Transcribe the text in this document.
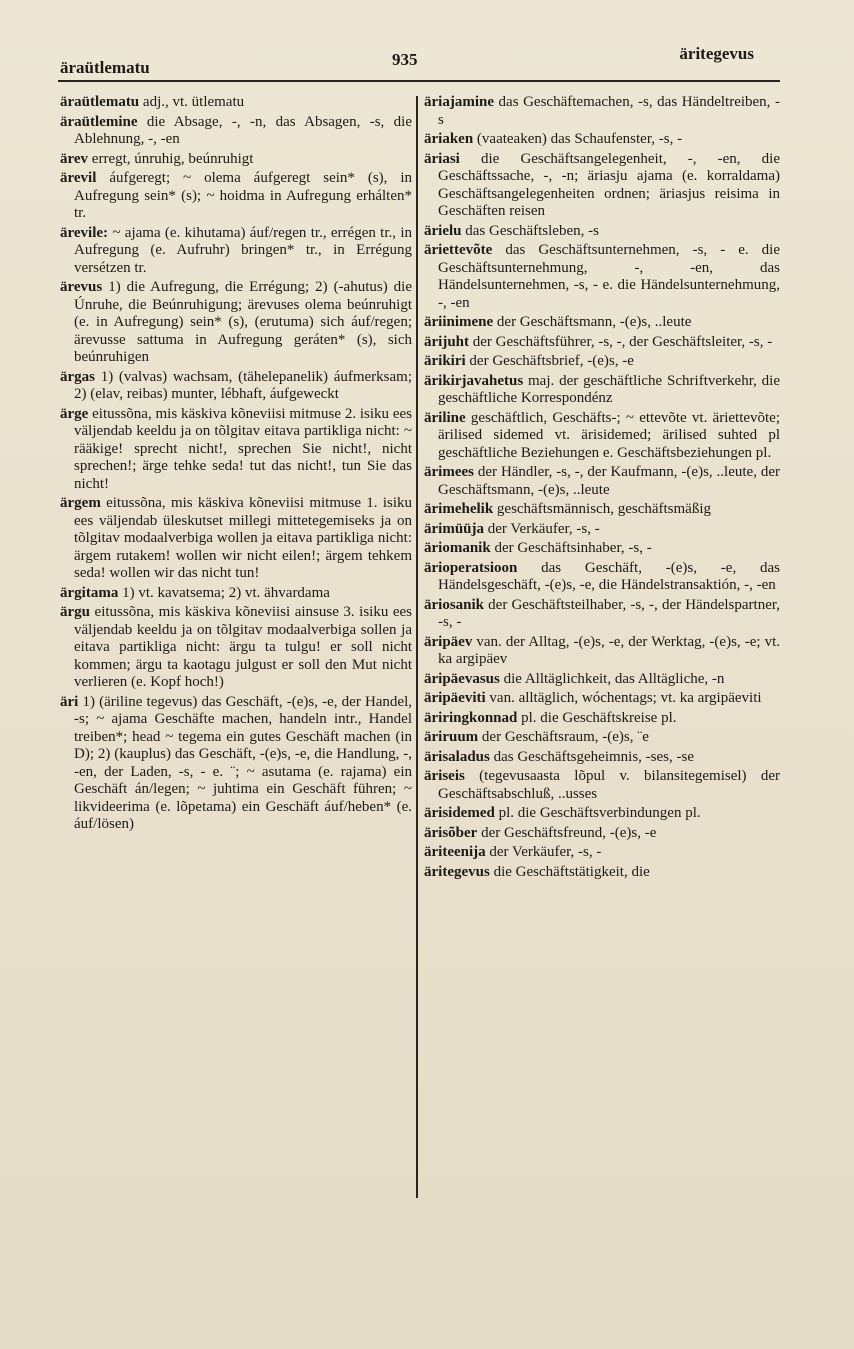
äraütlematu	935	äritegevus

äraütlematu adj., vt. ütlematu

äraütlemine die Absage, -, -n, das Absagen, -s, die Ablehnung, -, -en

ärev erregt, únruhig, beúnruhigt

ärevil áufgeregt; ~ olema áufgeregt sein* (s), in Aufregung sein* (s); ~ hoidma in Aufregung erhálten* tr.

ärevile: ~ ajama (e. kihutama) áuf/regen tr., errégen tr., in Aufregung (e. Aufruhr) bringen* tr., in Errégung versétzen tr.

ärevus 1) die Aufregung, die Errégung; 2) (-ahutus) die Únruhe, die Beúnruhigung; ärevuses olema beúnruhigt (e. in Aufregung) sein* (s), (erutuma) sich áuf/regen; ärevusse sattuma in Aufregung geráten* (s), sich beúnruhigen

ärgas 1) (valvas) wachsam, (tähelepanelik) áufmerksam; 2) (elav, reibas) munter, lébhaft, áufgeweckt

ärge eitussõna, mis käskiva kõneviisi mitmuse 2. isiku ees väljendab keeldu ja on tõlgitav eitava partikliga nicht: ~ rääkige! sprecht nicht!, sprechen Sie nicht!, nicht sprechen!; ärge tehke seda! tut das nicht!, tun Sie das nicht!

ärgem eitussõna, mis käskiva kõneviisi mitmuse 1. isiku ees väljendab üleskutset millegi mittetegemiseks ja on tõlgitav modaalverbiga wollen ja eitava partikliga nicht: ärgem rutakem! wollen wir nicht eilen!; ärgem tehkem seda! wollen wir das nicht tun!

ärgitama 1) vt. kavatsema; 2) vt. ähvardama

ärgu eitussõna, mis käskiva kõneviisi ainsuse 3. isiku ees väljendab keeldu ja on tõlgitav modaalverbiga sollen ja eitava partikliga nicht: ärgu ta tulgu! er soll nicht kommen; ärgu ta kaotagu julgust er soll den Mut nicht verlieren (e. Kopf hoch!)

äri 1) (äriline tegevus) das Geschäft, -(e)s, -e, der Handel, -s; ~ ajama Geschäfte machen, handeln intr., Handel treiben*; head ~ tegema ein gutes Geschäft machen (in D); 2) (kauplus) das Geschäft, -(e)s, -e, die Handlung, -, -en, der Laden, -s, - e. ¨; ~ asutama (e. rajama) ein Geschäft án/legen; ~ juhtima ein Geschäft führen; ~ likvideerima (e. lõpetama) ein Geschäft áuf/heben* (e. áuf/lösen)

äriajamine das Geschäftemachen, -s, das Händeltreiben, -s

äriaken (vaateaken) das Schaufenster, -s, -

äriasi die Geschäftsangelegenheit, -, -en, die Geschäftssache, -, -n; äriasju ajama (e. korraldama) Geschäftsangelegenheiten ordnen; äriasjus reisima in Geschäften reisen

ärielu das Geschäftsleben, -s

äriettevõte das Geschäftsunternehmen, -s, - e. die Geschäftsunternehmung, -, -en, das Händelsunternehmen, -s, - e. die Händelsunternehmung, -, -en

äriinimene der Geschäftsmann, -(e)s, ..leute

ärijuht der Geschäftsführer, -s, -, der Geschäftsleiter, -s, -

ärikiri der Geschäftsbrief, -(e)s, -e

ärikirjavahetus maj. der geschäftliche Schriftverkehr, die geschäftliche Korrespondénz

äriline geschäftlich, Geschäfts-; ~ ettevõte vt. äriettevõte; ärilised sidemed vt. ärisidemed; ärilised suhted pl geschäftliche Beziehungen e. Geschäftsbeziehungen pl.

ärimees der Händler, -s, -, der Kaufmann, -(e)s, ..leute, der Geschäftsmann, -(e)s, ..leute

ärimehelik geschäftsmännisch, geschäftsmäßig

ärimüüja der Verkäufer, -s, -

äriomanik der Geschäftsinhaber, -s, -

ärioperatsioon das Geschäft, -(e)s, -e, das Händelsgeschäft, -(e)s, -e, die Händelstransaktión, -, -en

äriosanik der Geschäftsteilhaber, -s, -, der Händelspartner, -s, -

äripäev van. der Alltag, -(e)s, -e, der Werktag, -(e)s, -e; vt. ka argipäev

äripäevasus die Alltäglichkeit, das Alltägliche, -n

äripäeviti van. alltäglich, wóchentags; vt. ka argipäeviti

äriringkonnad pl. die Geschäftskreise pl.

äriruum der Geschäftsraum, -(e)s, ¨e

ärisaladus das Geschäftsgeheimnis, -ses, -se

äriseis (tegevusaasta lõpul v. bilansitegemisel) der Geschäftsabschluß, ..usses

ärisidemed pl. die Geschäftsverbindungen pl.

ärisõber der Geschäftsfreund, -(e)s, -e

äriteenija der Verkäufer, -s, -

äritegevus die Geschäftstätigkeit, die
